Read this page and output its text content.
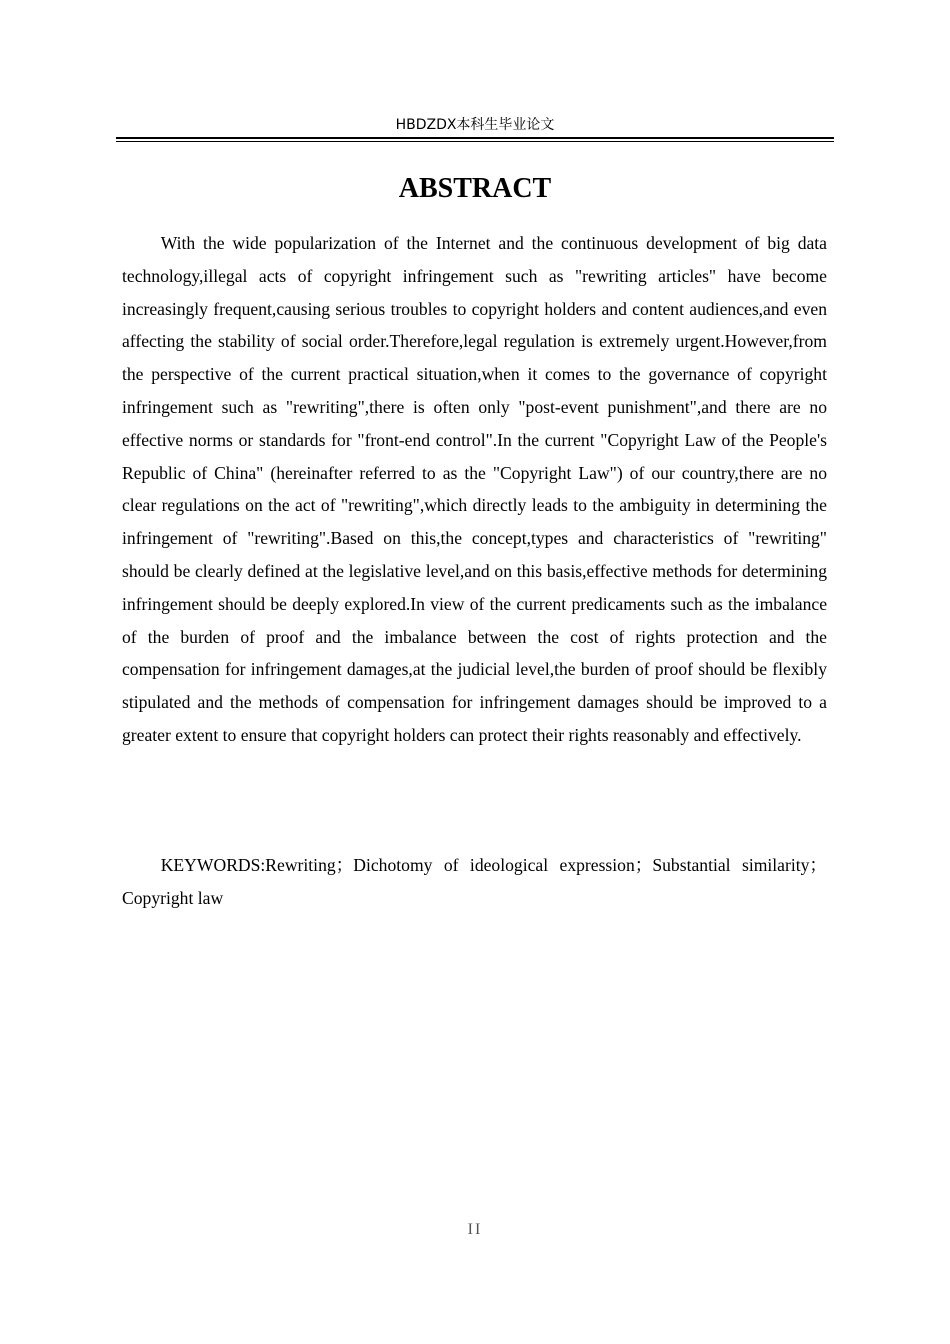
HBDZDX本科生毕业论文
ABSTRACT

With the wide popularization of the Internet and the continuous development of big data technology,illegal acts of copyright infringement such as "rewriting articles" have become increasingly frequent,causing serious troubles to copyright holders and content audiences,and even affecting the stability of social order.Therefore,legal regulation is extremely urgent.However,from the perspective of the current practical situation,when it comes to the governance of copyright infringement such as "rewriting",there is often only "post-event punishment",and there are no effective norms or standards for "front-end control".In the current "Copyright Law of the People's Republic of China" (hereinafter referred to as the "Copyright Law") of our country,there are no clear regulations on the act of "rewriting",which directly leads to the ambiguity in determining the infringement of "rewriting".Based on this,the concept,types and characteristics of "rewriting" should be clearly defined at the legislative level,and on this basis,effective methods for determining infringement should be deeply explored.In view of the current predicaments such as the imbalance of the burden of proof and the imbalance between the cost of rights protection and the compensation for infringement damages,at the judicial level,the burden of proof should be flexibly stipulated and the methods of compensation for infringement damages should be improved to a greater extent to ensure that copyright holders can protect their rights reasonably and effectively.

KEYWORDS:Rewriting；Dichotomy of ideological expression；Substantial similarity；Copyright law

II
